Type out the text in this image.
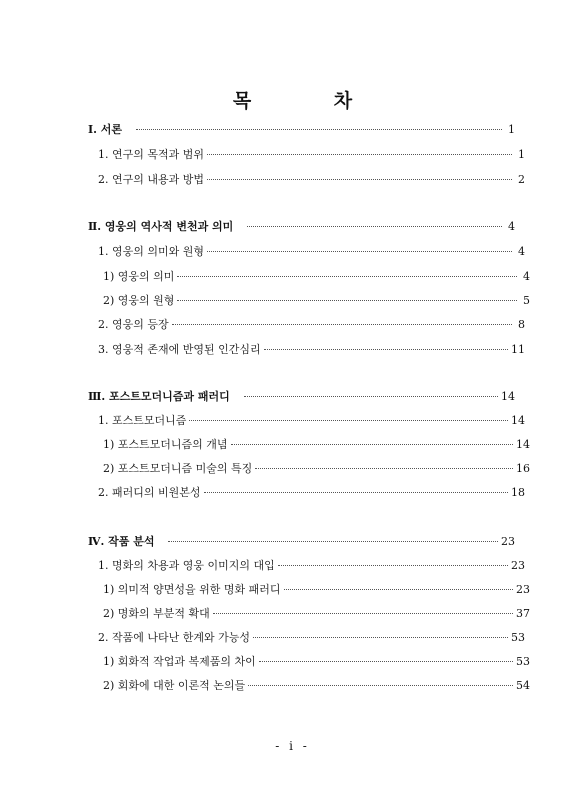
목 차
Ⅰ. 서론	1
1. 연구의 목적과 범위	1
2. 연구의 내용과 방법	2
Ⅱ. 영웅의 역사적 변천과 의미	4
1. 영웅의 의미와 원형	4
1) 영웅의 의미	4
2) 영웅의 원형	5
2. 영웅의 등장	8
3. 영웅적 존재에 반영된 인간심리	11
Ⅲ. 포스트모더니즘과 패러디	14
1. 포스트모더니즘	14
1) 포스트모더니즘의 개념	14
2) 포스트모더니즘 미술의 특징	16
2. 패러디의 비원본성	18
Ⅳ. 작품 분석	23
1. 명화의 차용과 영웅 이미지의 대입	23
1) 의미적 양면성을 위한 명화 패러디	23
2) 명화의 부분적 확대	37
2. 작품에 나타난 한계와 가능성	53
1) 회화적 작업과 복제품의 차이	53
2) 회화에 대한 이론적 논의들	54
- i -
